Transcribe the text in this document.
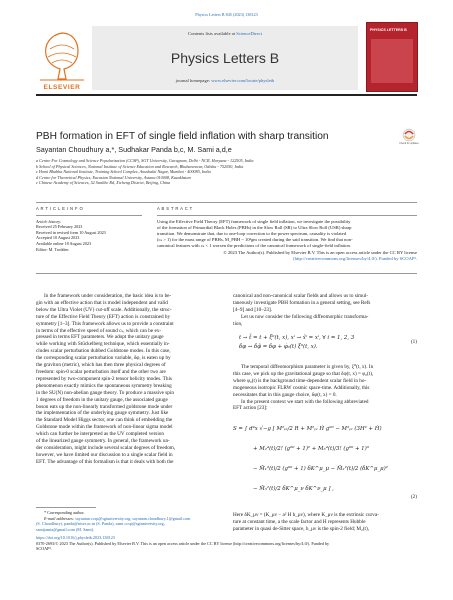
Physics Letters B 845 (2023) 138123
ELSEVIER
Contents lists available at ScienceDirect
Physics Letters B
journal homepage: www.elsevier.com/locate/physletb
PHYSICS LETTERS B
PBH formation in EFT of single field inflation with sharp transition
Check for updates
Sayantan Choudhury a,*, Sudhakar Panda b,c, M. Sami a,d,e
a Centre For Cosmology and Science Popularization (CCSP), SGT University, Gurugram, Delhi - NCR, Haryana - 122505, India
b School of Physical Sciences, National Institute of Science Education and Research, Bhubaneswar, Odisha - 752050, India
c Homi Bhabha National Institute, Training School Complex, Anushakti Nagar, Mumbai - 400085, India
d Centre for Theoretical Physics, Eurasian National University, Astana 010008, Kazakhstan
e Chinese Academy of Sciences, 52 Sanlihe Rd, Xicheng District, Beijing, China
A R T I C L E I N F O
Article history:
Received 25 February 2023
Received in revised form 10 August 2023
Accepted 10 August 2023
Available online 18 August 2023
Editor: M. Trodden
A B S T R A C T
Using the Effective Field Theory (EFT) framework of single field inflation, we investigate the possibility
of the formation of Primordial Black Holes (PBHs) in the Slow Roll (SR) to Ultra Slow Roll (USR) sharp
transition. We demonstrate that, due to one-loop correction to the power spectrum, causality is violated
(cₛ > 1) for the mass range of PBHs, M_PBH ~ 10²gm created during the said transition. We find that non-
canonical features with cₛ < 1 worsen the predictions of the canonical framework of single-field inflation.
© 2023 The Author(s). Published by Elsevier B.V. This is an open access article under the CC BY license
(http://creativecommons.org/licenses/by/4.0/). Funded by SCOAP³.
In the framework under consideration, the basic idea is to be-
gin with an effective action that is model independent and valid
below the Ultra Violet (UV) cut-off scale. Additionally, the struc-
ture of the Effective Field Theory (EFT) action is constrained by
symmetry [1–3]. This framework allows us to provide a constraint
in terms of the effective speed of sound cₛ, which can be ex-
pressed in terms EFT parameters. We adopt the unitary gauge
while working with Stückelberg technique, which essentially in-
cludes scalar perturbation dubbed Goldstone modes. In this case,
the corresponding scalar perturbation variable, δφ, is eaten up by
the graviton (metric), which has then three physical degrees of
freedom: spin-0 scalar perturbation itself and the other two are
represented by two-component spin-2 tensor helicity modes. This
phenomenon exactly mimics the spontaneous symmetry breaking
in the SU(N) non-abelian gauge theory. To produce a massive spin
1 degrees of freedom in the unitary gauge, the associated gauge
boson eats up the non-linearly transformed goldstone mode under
the implementation of the underlying gauge symmetry. Just like
the Standard Model Higgs sector, one can think of embedding the
Goldstone mode within the framework of non-linear sigma model
which can further be interpreted as the UV completed version
of the linearized gauge symmetry. In general, the framework un-
der consideration, might include several scalar degrees of freedom,
however, we have limited our discussion to a single scalar field in
EFT. The advantage of this formalism is that it deals with both the
* Corresponding author.
E-mail addresses: sayantan.ccsp@sgtuniversity.org, sayantan.choudhury.1@gmail.com
(S. Choudhury), panda@niser.ac.in (S. Panda), sami.ccsp@sgtuniversity.org,
samijamia@gmail.com (M. Sami).
canonical and non-canonical scalar fields and allows us to simul-
taneously investigate PBH formation in a general setting, see Refs
[4–9] and [10–23].
Let us now consider the following diffeomorphic transforma-
tion,
t → t̃ = t + ξ⁰(t, x), xⁱ → x̃ⁱ = xⁱ, ∀ i = 1, 2, 3
δφ → δφ̃ = δφ + φ̇₀(t) ξ⁰(t, x).
(1)
The temporal diffeomorphism parameter is given by, ξ⁰(t, x). In
this case, we pick up the gravitational gauge so that δφ(t, x) = φ₀(t),
where φ₀(t) is the background time-dependent scalar field in ho-
mogeneous isotropic FLRW cosmic space-time. Additionally, this
necessitates that in this gauge choice, δφ(t, x) = 0.
In the present context we start with the following abbreviated
EFT action [23]:
S = ∫ d⁴x √−g [ M²ₚₗ/2 R + M²ₚₗ Ḣ g⁰⁰ − M²ₚₗ (3H² + Ḣ)
+ M₂⁴(t)/2! (g⁰⁰ + 1)² + M₃⁴(t)/3! (g⁰⁰ + 1)³
− M̄₁³(t)/2 (g⁰⁰ + 1) δK^μ_μ − M̄₂²(t)/2 (δK^μ_μ)²
− M̄₃²(t)/2 δK^μ_ν δK^ν_μ ] ,
(2)
Here δK_μν = (K_μν − a² H h_μν), where K_μν is the extrinsic curva-
ture at constant time, a the scale factor and H represents Hubble
parameter in quasi de-Sitter space, h_μν is the spin-2 field; M₂(t),
https://doi.org/10.1016/j.physletb.2023.138123
0370-2693/© 2023 The Author(s). Published by Elsevier B.V. This is an open access article under the CC BY license (http://creativecommons.org/licenses/by/4.0/). Funded by
SCOAP³.
